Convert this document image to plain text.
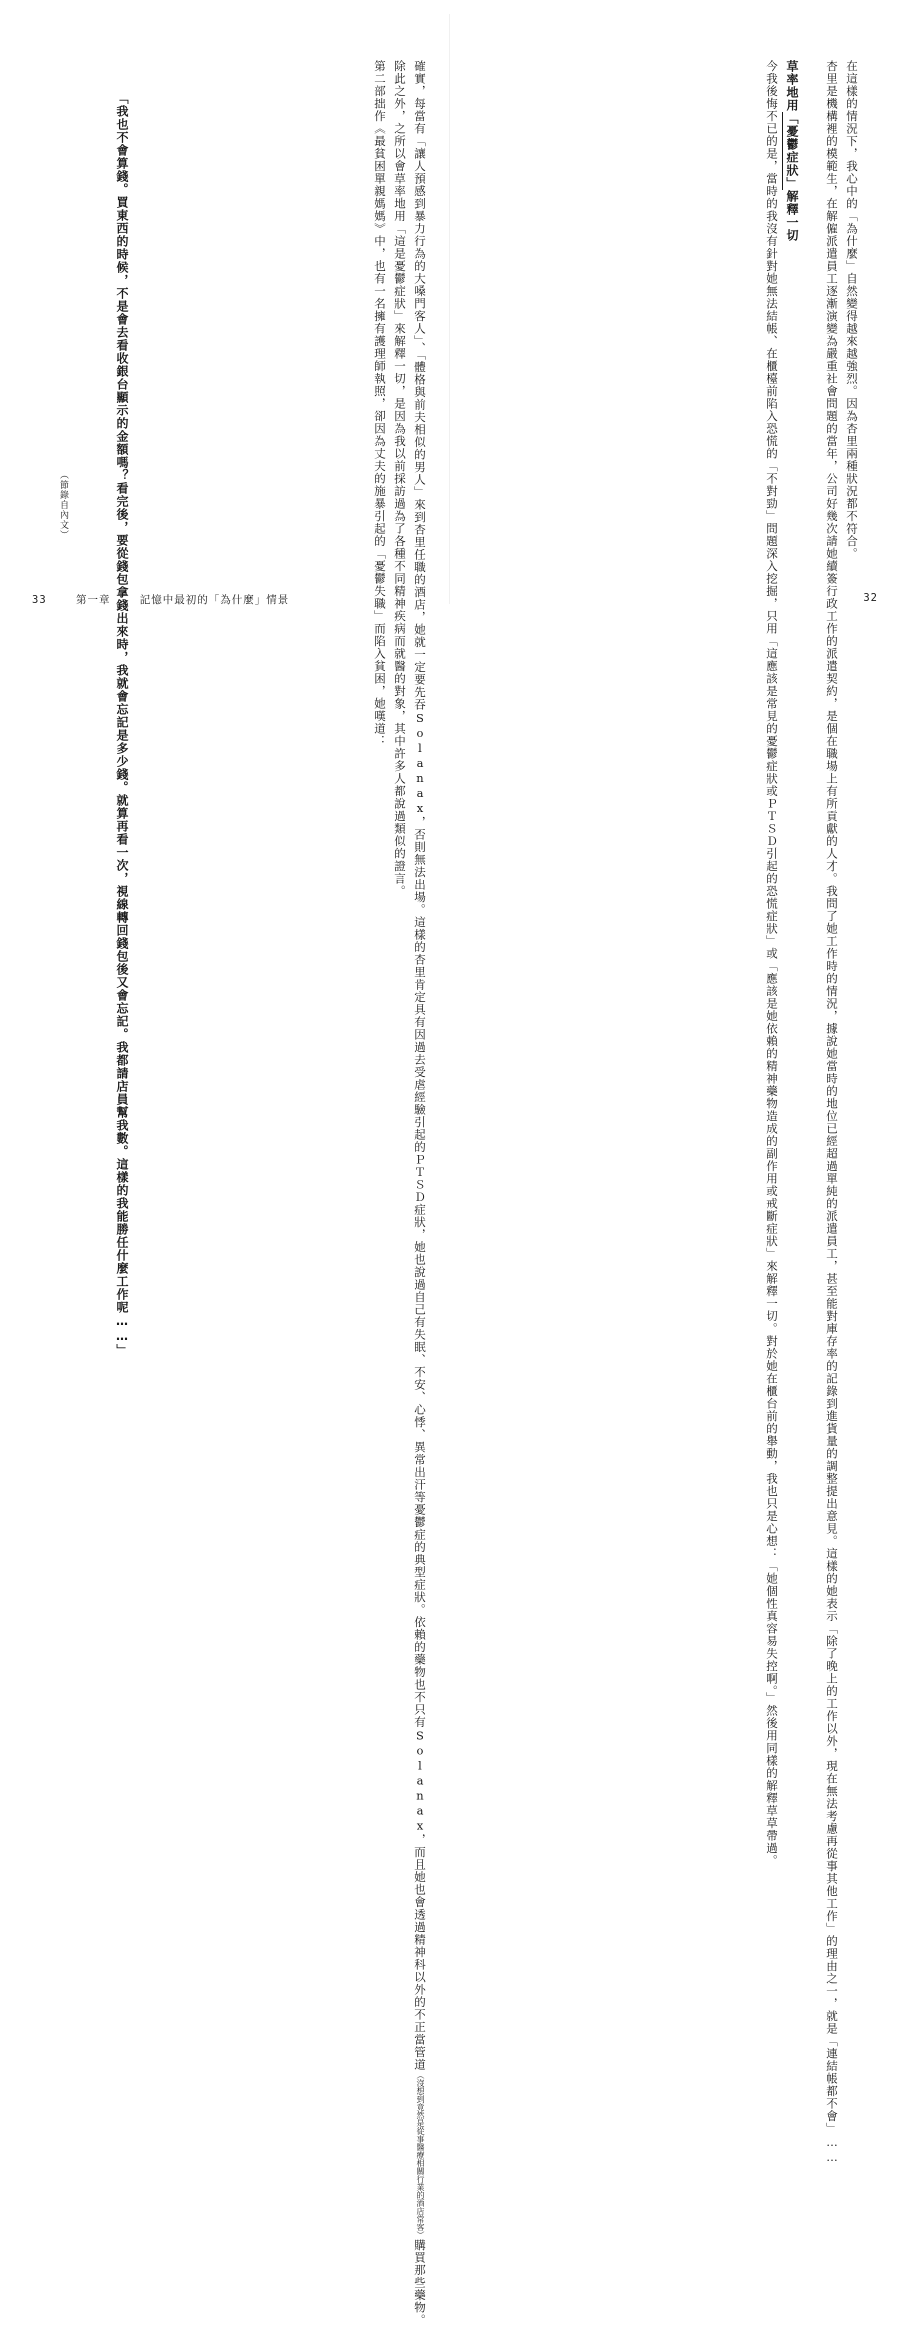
確實，每當有「讓人預感到暴力行為的大嗓門客人」、「體格與前夫相似的男人」來到杏里任職的酒店，她就一定要先吞Solanax，否則無法出場。這樣的杏里肯定具有因過去受虐經驗引起的ＰＴＳＤ症狀，她也說過自己有失眠、不安、心悸、異常出汗等憂鬱症的典型症狀。依賴的藥物也不只有Solanax，而且她也會透過精神科以外的不正當管道（沒想到竟然是從事醫療相關行業的酒店常客）購買那些藥物。
除此之外，之所以會草率地用「這是憂鬱症狀」來解釋一切，是因為我以前採訪過為了各種不同精神疾病而就醫的對象，其中許多人都說過類似的證言。
第二部拙作《最貧困單親媽媽》中，也有一名擁有護理師執照，卻因為丈夫的施暴引起的「憂鬱失職」而陷入貧困，她嘆道：
「我也不會算錢。買東西的時候，不是會去看收銀台顯示的金額嗎？看完後，要從錢包拿錢出來時，我就會忘記是多少錢。就算再看一次，視線轉回錢包後又會忘記。我都請店員幫我數。這樣的我能勝任什麼工作呢……」
（節錄自內文）
33	第一章	記憶中最初的「為什麼」情景
在這樣的情況下，我心中的「為什麼」自然變得越來越強烈。因為杏里兩種狀況都不符合。
杏里是機構裡的模範生，在解僱派遣員工逐漸演變為嚴重社會問題的當年，公司好幾次請她續簽行政工作的派遣契約，是個在職場上有所貢獻的人才。我問了她工作時的情況，據說她當時的地位已經超過單純的派遣員工，甚至能對庫存率的記錄到進貨量的調整提出意見。這樣的她表示「除了晚上的工作以外，現在無法考慮再從事其他工作」的理由之一，就是「連結帳都不會」……

草率地用「憂鬱症狀」解釋一切
今我後悔不已的是，當時的我沒有針對她無法結帳、在櫃檯前陷入恐慌的「不對勁」問題深入挖掘，只用「這應該是常見的憂鬱症狀或ＰＴＳＤ引起的恐慌症狀」或「應該是她依賴的精神藥物造成的副作用或戒斷症狀」來解釋一切。對於她在櫃台前的舉動，我也只是心想：「她個性真容易失控啊。」然後用同樣的解釋草草帶過。	32
